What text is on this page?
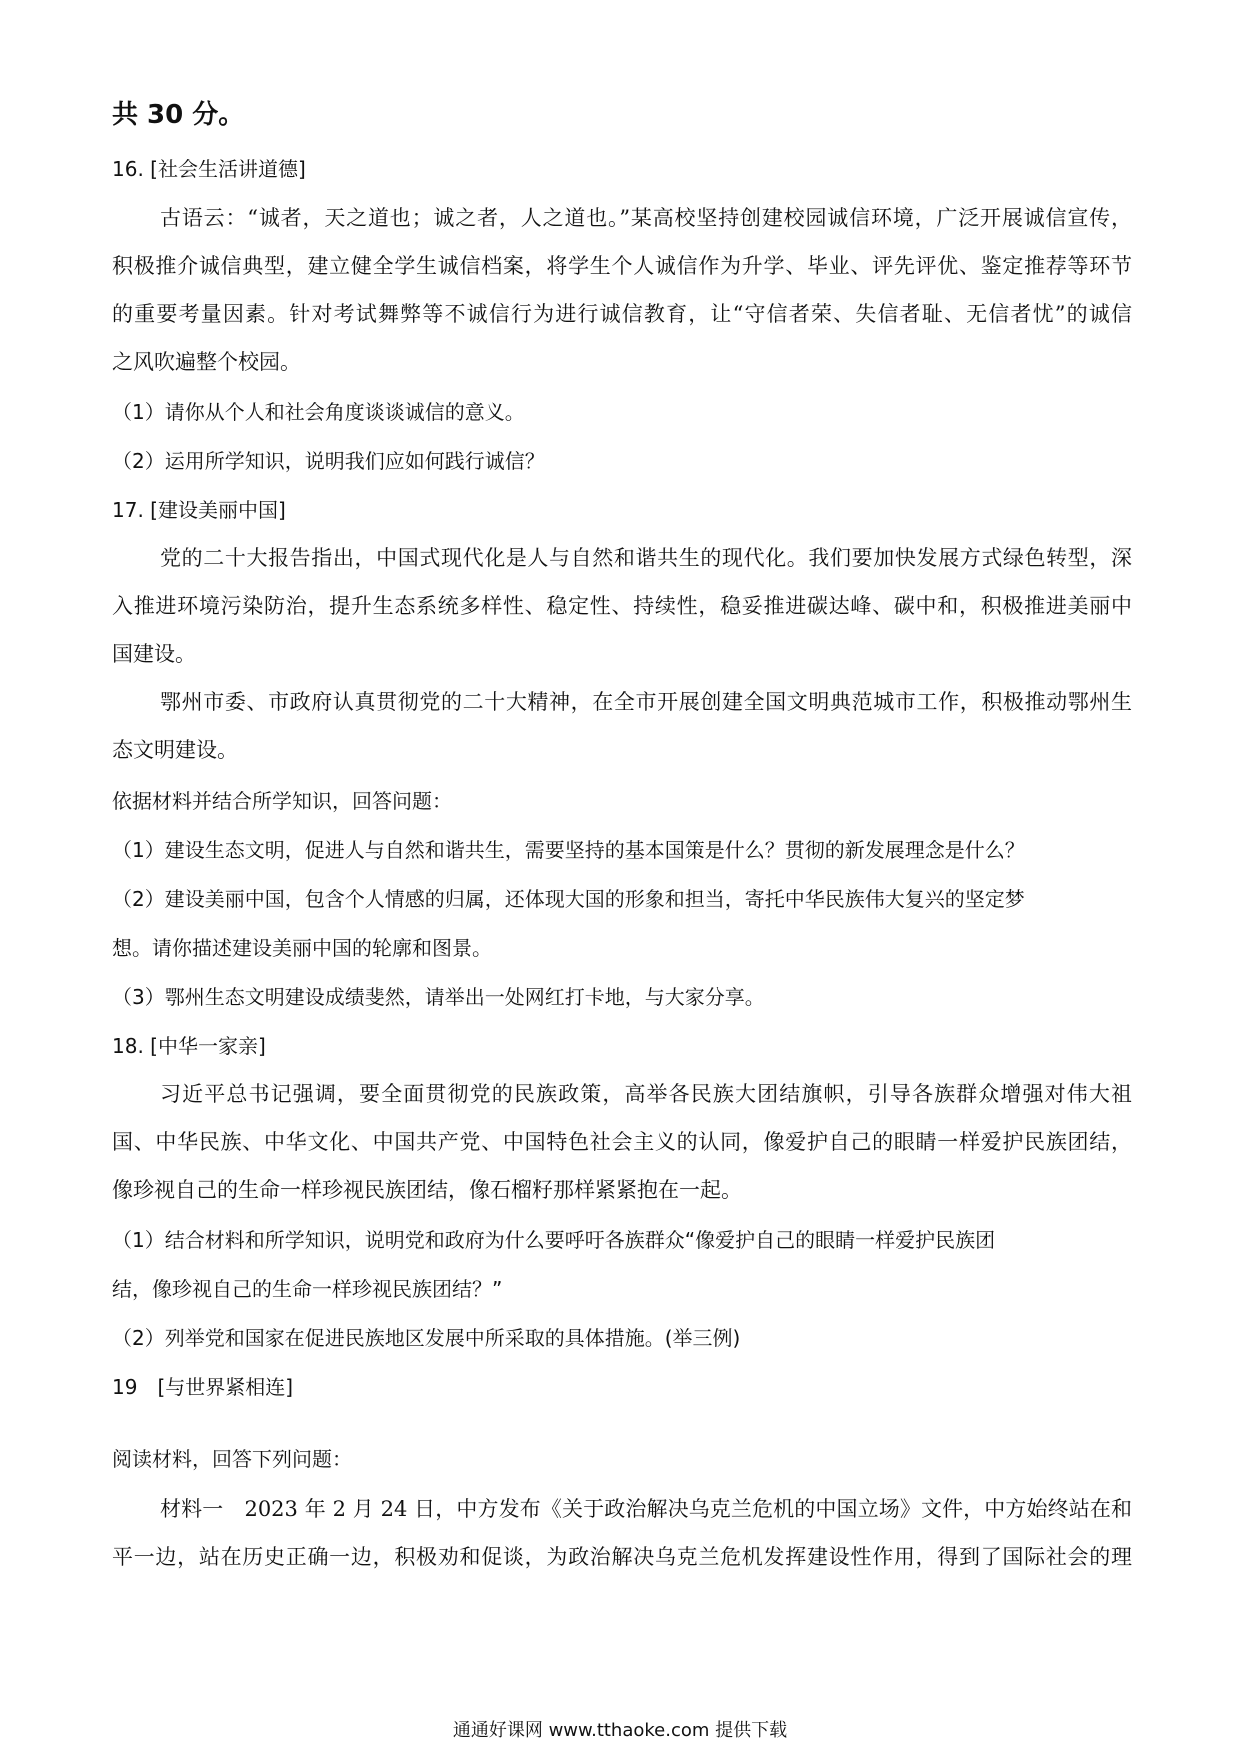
共 30 分。
16. [社会生活讲道德]
古语云：“诚者，天之道也；诚之者，人之道也。”某高校坚持创建校园诚信环境，广泛开展诚信宣传，
积极推介诚信典型，建立健全学生诚信档案，将学生个人诚信作为升学、毕业、评先评优、鉴定推荐等环节
的重要考量因素。针对考试舞弊等不诚信行为进行诚信教育，让“守信者荣、失信者耻、无信者忧”的诚信
之风吹遍整个校园。
（1）请你从个人和社会角度谈谈诚信的意义。
（2）运用所学知识，说明我们应如何践行诚信？
17. [建设美丽中国]
党的二十大报告指出，中国式现代化是人与自然和谐共生的现代化。我们要加快发展方式绿色转型，深
入推进环境污染防治，提升生态系统多样性、稳定性、持续性，稳妥推进碳达峰、碳中和，积极推进美丽中
国建设。
鄂州市委、市政府认真贯彻党的二十大精神，在全市开展创建全国文明典范城市工作，积极推动鄂州生
态文明建设。
依据材料并结合所学知识，回答问题：
（1）建设生态文明，促进人与自然和谐共生，需要坚持的基本国策是什么？贯彻的新发展理念是什么？
（2）建设美丽中国，包含个人情感的归属，还体现大国的形象和担当，寄托中华民族伟大复兴的坚定梦
想。请你描述建设美丽中国的轮廓和图景。
（3）鄂州生态文明建设成绩斐然，请举出一处网红打卡地，与大家分享。
18. [中华一家亲]
习近平总书记强调，要全面贯彻党的民族政策，高举各民族大团结旗帜，引导各族群众增强对伟大祖
国、中华民族、中华文化、中国共产党、中国特色社会主义的认同，像爱护自己的眼睛一样爱护民族团结，
像珍视自己的生命一样珍视民族团结，像石榴籽那样紧紧抱在一起。
（1）结合材料和所学知识，说明党和政府为什么要呼吁各族群众“像爱护自己的眼睛一样爱护民族团
结，像珍视自己的生命一样珍视民族团结？”
（2）列举党和国家在促进民族地区发展中所采取的具体措施。(举三例)
19　[与世界紧相连]
阅读材料，回答下列问题：
材料一　2023 年 2 月 24 日，中方发布《关于政治解决乌克兰危机的中国立场》文件，中方始终站在和
平一边，站在历史正确一边，积极劝和促谈，为政治解决乌克兰危机发挥建设性作用，得到了国际社会的理
通通好课网 www.tthaoke.com 提供下载
